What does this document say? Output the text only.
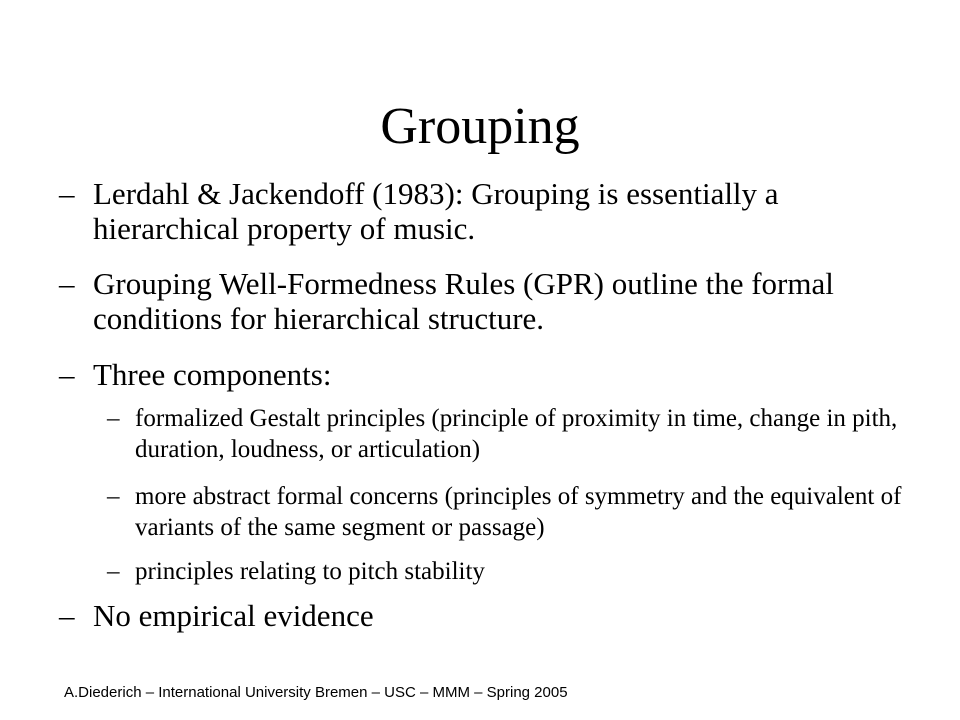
Grouping
– Lerdahl & Jackendoff (1983): Grouping is essentially a hierarchical property of music.
– Grouping Well-Formedness Rules (GPR) outline the formal conditions for hierarchical structure.
– Three components:
– formalized Gestalt principles (principle of proximity in time, change in pith, duration, loudness, or articulation)
– more abstract formal concerns (principles of symmetry and the equivalent of variants of the same segment or passage)
– principles relating to pitch stability
– No empirical evidence
A.Diederich – International University Bremen – USC – MMM – Spring 2005
